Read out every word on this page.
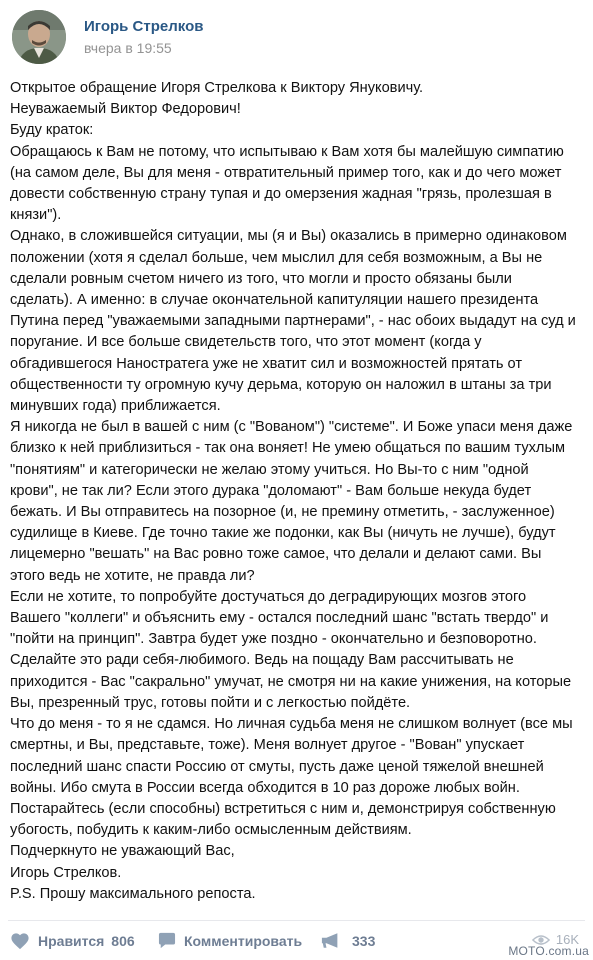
Игорь Стрелков
вчера в 19:55

Открытое обращение Игоря Стрелкова к Виктору Януковичу.

Неуважаемый Виктор Федорович!

Буду краток:

Обращаюсь к Вам не потому, что испытываю к Вам хотя бы малейшую симпатию
(на самом деле, Вы для меня - отвратительный пример того, как и до чего может
довести собственную страну тупая и до омерзения жадная "грязь, пролезшая в
князи").

Однако, в сложившейся ситуации, мы (я и Вы) оказались в примерно одинаковом
положении (хотя я сделал больше, чем мыслил для себя возможным, а Вы не
сделали ровным счетом ничего из того, что могли и просто обязаны были
сделать). А именно: в случае окончательной капитуляции нашего президента
Путина перед "уважаемыми западными партнерами", - нас обоих выдадут на суд и
поругание. И все больше свидетельств того, что этот момент (когда у
обгадившегося Наностратега уже не хватит сил и возможностей прятать от
общественности ту огромную кучу дерьма, которую он наложил в штаны за три
минувших года) приближается.

Я никогда не был в вашей с ним (с "Вованом") "системе". И Боже упаси меня даже
близко к ней приблизиться - так она воняет! Не умею общаться по вашим тухлым
"понятиям" и категорически не желаю этому учиться. Но Вы-то с ним "одной
крови", не так ли? Если этого дурака "доломают" - Вам больше некуда будет
бежать. И Вы отправитесь на позорное (и, не премину отметить, - заслуженное)
судилище в Киеве. Где точно такие же подонки, как Вы (ничуть не лучше), будут
лицемерно "вешать" на Вас ровно тоже самое, что делали и делают сами. Вы
этого ведь не хотите, не правда ли?

Если не хотите, то попробуйте достучаться до деградирующих мозгов этого
Вашего "коллеги" и объяснить ему - остался последний шанс "встать твердо" и
"пойти на принцип". Завтра будет уже поздно - окончательно и безповоротно.
Сделайте это ради себя-любимого. Ведь на пощаду Вам рассчитывать не
приходится - Вас "сакрально" умучат, не смотря ни на какие унижения, на которые
Вы, презренный трус, готовы пойти и с легкостью пойдёте.

Что до меня - то я не сдамся. Но личная судьба меня не слишком волнует (все мы
смертны, и Вы, представьте, тоже). Меня волнует другое - "Вован" упускает
последний шанс спасти Россию от смуты, пусть даже ценой тяжелой внешней
войны. Ибо смута в России всегда обходится в 10 раз дороже любых войн.
Постарайтесь (если способны) встретиться с ним и, демонстрируя собственную
убогость, побудить к каким-либо осмысленным действиям.

Подчеркнуто не уважающий Вас,

Игорь Стрелков.

P.S. Прошу максимального репоста.

Нравится 806	Комментировать	333	16K
MOTO.com.ua
